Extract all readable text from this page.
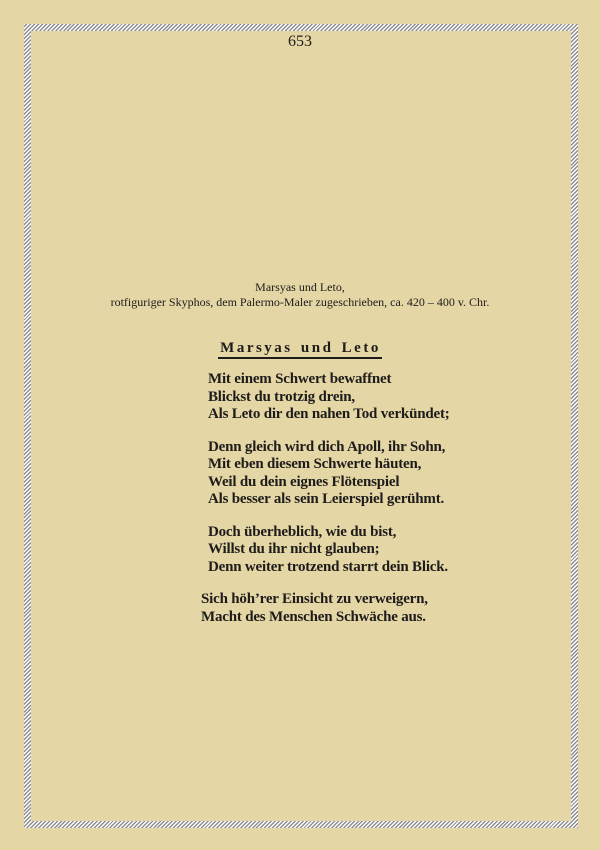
653
Marsyas und Leto,
rotfiguriger Skyphos, dem Palermo-Maler zugeschrieben, ca. 420 – 400 v. Chr.
Marsyas und Leto
Mit einem Schwert bewaffnet
Blickst du trotzig drein,
Als Leto dir den nahen Tod verkündet;
Denn gleich wird dich Apoll, ihr Sohn,
Mit eben diesem Schwerte häuten,
Weil du dein eignes Flötenspiel
Als besser als sein Leierspiel gerühmt.
Doch überheblich, wie du bist,
Willst du ihr nicht glauben;
Denn weiter trotzend starrt dein Blick.
Sich höh’rer Einsicht zu verweigern,
Macht des Menschen Schwäche aus.
